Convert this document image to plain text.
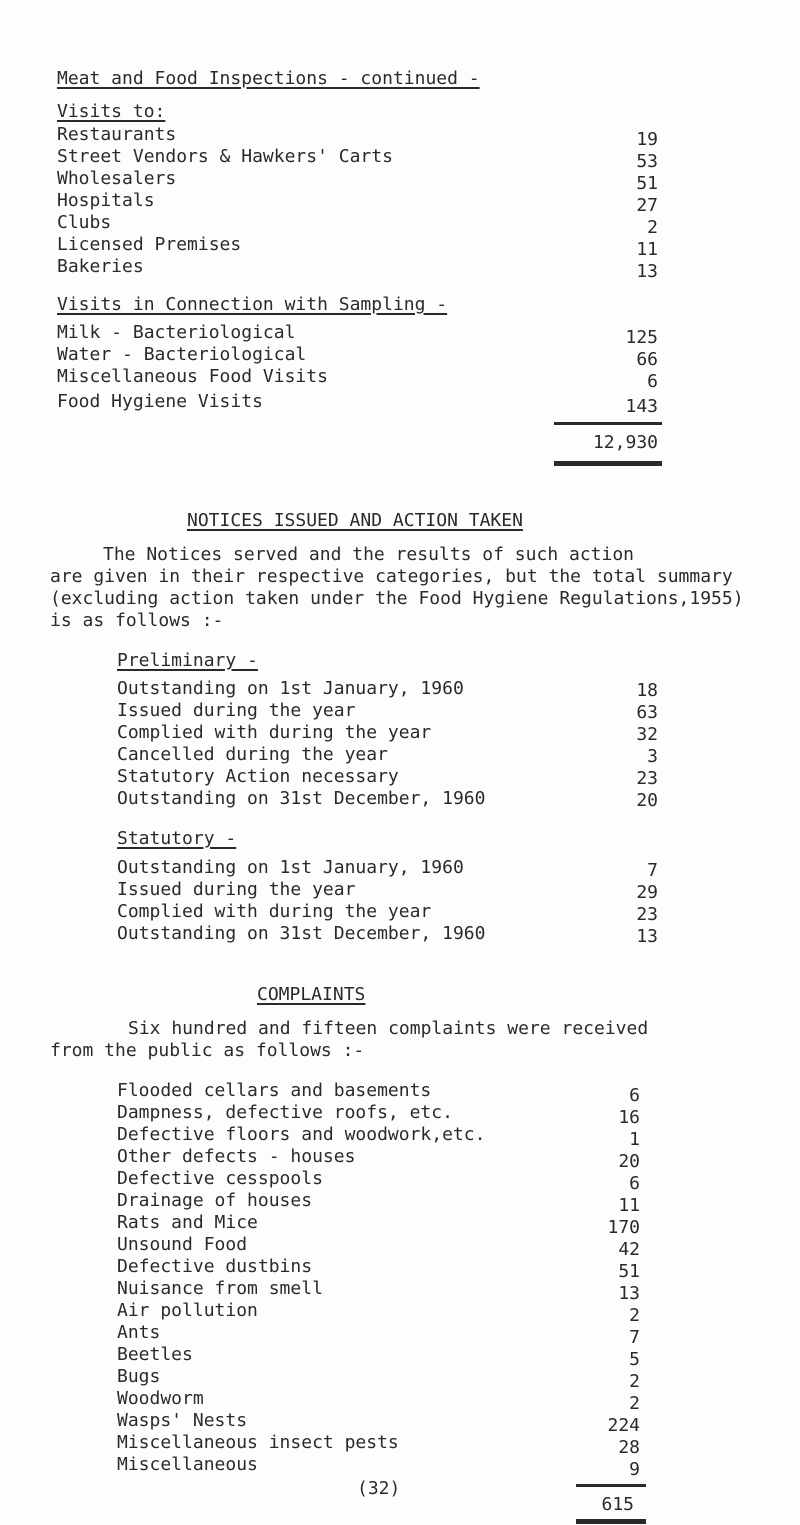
Meat and Food Inspections - continued -
Visits to:
Restaurants	19
Street Vendors & Hawkers' Carts	53
Wholesalers	51
Hospitals	27
Clubs	2
Licensed Premises	11
Bakeries	13
Visits in Connection with Sampling -
Milk - Bacteriological	125
Water - Bacteriological	66
Miscellaneous Food Visits	6
Food Hygiene Visits	143
12,930
NOTICES ISSUED AND ACTION TAKEN
The Notices served and the results of such action
are given in their respective categories, but the total summary
(excluding action taken under the Food Hygiene Regulations,1955)
is as follows :-
Preliminary -
Outstanding on 1st January, 1960	18
Issued during the year	63
Complied with during the year	32
Cancelled during the year	3
Statutory Action necessary	23
Outstanding on 31st December, 1960	20
Statutory -
Outstanding on 1st January, 1960	7
Issued during the year	29
Complied with during the year	23
Outstanding on 31st December, 1960	13
COMPLAINTS
Six hundred and fifteen complaints were received
from the public as follows :-
Flooded cellars and basements	6
Dampness, defective roofs, etc.	16
Defective floors and woodwork,etc.	1
Other defects - houses	20
Defective cesspools	6
Drainage of houses	11
Rats and Mice	170
Unsound Food	42
Defective dustbins	51
Nuisance from smell	13
Air pollution	2
Ants	7
Beetles	5
Bugs	2
Woodworm	2
Wasps' Nests	224
Miscellaneous insect pests	28
Miscellaneous	9
(32)
615
